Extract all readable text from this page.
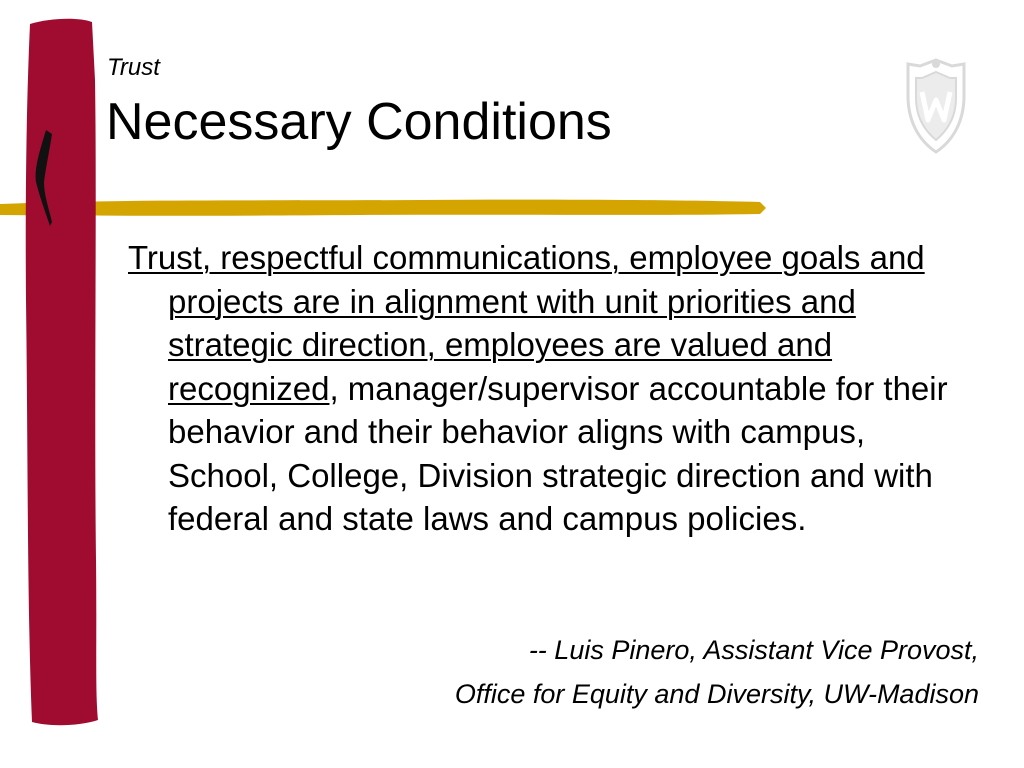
Trust
Necessary Conditions

Trust, respectful communications, employee goals and projects are in alignment with unit priorities and strategic direction, employees are valued and recognized, manager/supervisor accountable for their behavior and their behavior aligns with campus, School, College, Division strategic direction and with federal and state laws and campus policies.

-- Luis Pinero, Assistant Vice Provost,
Office for Equity and Diversity, UW-Madison
